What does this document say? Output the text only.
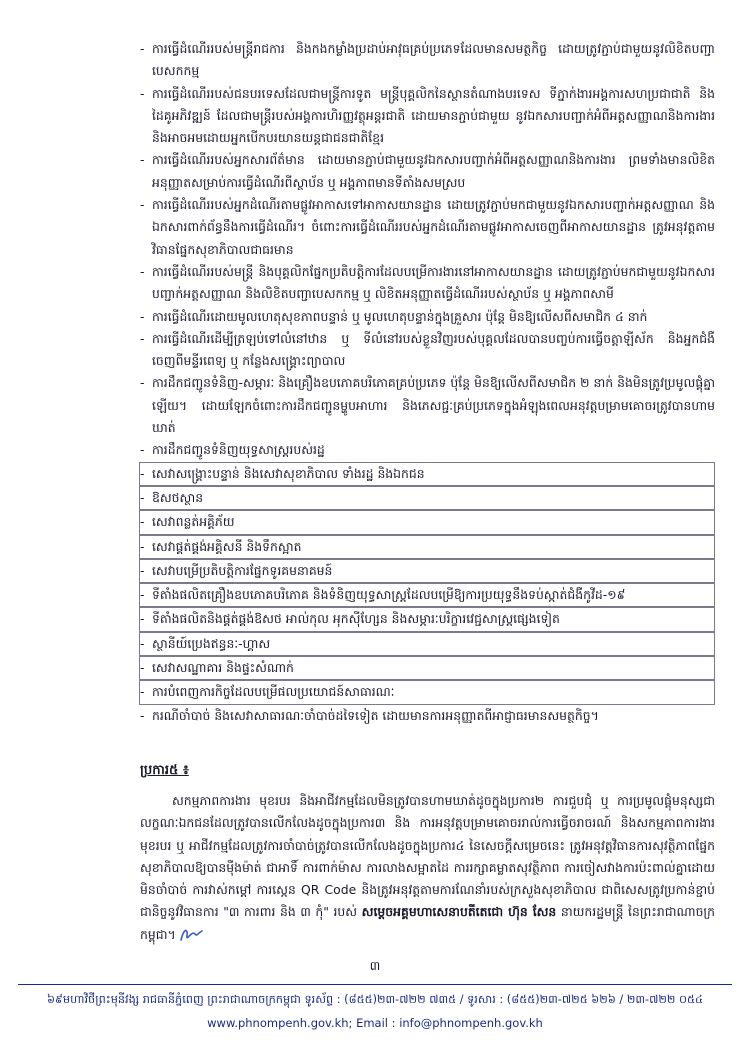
- ការធ្វើដំណើររបស់មន្ត្រីរាជការ និងកងកម្លាំងប្រដាប់អាវុធគ្រប់ប្រភេទដែលមានសមត្ថកិច្ច ដោយត្រូវភ្ជាប់ជាមួយនូវលិខិតបញ្ជាបេសកកម្ម
- ការធ្វើដំណើររបស់ជនបរទេសដែលជាមន្ត្រីការទូត មន្ត្រីបុគ្គលិកនៃស្ថានតំណាងបរទេស ទីភ្នាក់ងារអង្គការសហប្រជាជាតិ និងដៃគូអភិវឌ្ឍន៍ ដែលជាមន្ត្រីរបស់អង្គការហិរញ្ញវត្ថុអន្តរជាតិ ដោយមានភ្ជាប់ជាមួយ នូវឯកសារបញ្ជាក់អំពីអត្តសញ្ញាណនិងការងារ និងអាចអមដោយអ្នកបើកបរយានយន្តជាជនជាតិខ្មែរ
- ការធ្វើដំណើររបស់អ្នកសារព័ត៌មាន ដោយមានភ្ជាប់ជាមួយនូវឯកសារបញ្ជាក់អំពីអត្តសញ្ញាណនិងការងារ ព្រមទាំងមានលិខិតអនុញ្ញាតសម្រាប់ការធ្វើដំណើរពីស្ថាប័ន ឬ អង្គភាពមានទីតាំងសមស្រប
- ការធ្វើដំណើររបស់អ្នកដំណើរតាមផ្លូវអាកាសទៅអាកាសយានដ្ឋាន ដោយត្រូវភ្ជាប់មកជាមួយនូវឯកសារបញ្ជាក់អត្តសញ្ញាណ និងឯកសារពាក់ព័ន្ធនឹងការធ្វើដំណើរ។ ចំពោះការធ្វើដំណើររបស់អ្នកដំណើរតាមផ្លូវអាកាសចេញពីអាកាសយានដ្ឋាន ត្រូវអនុវត្តតាមវិធានផ្នែកសុខាភិបាលជាធរមាន
- ការធ្វើដំណើររបស់មន្ត្រី និងបុគ្គលិកផ្នែកប្រតិបត្តិការដែលបម្រើការងារនៅអាកាសយានដ្ឋាន ដោយត្រូវភ្ជាប់មកជាមួយនូវឯកសារបញ្ជាក់អត្តសញ្ញាណ និងលិខិតបញ្ជាបេសកកម្ម ឬ លិខិតអនុញ្ញាតធ្វើដំណើររបស់ស្ថាប័ន ឬ អង្គភាពសាមី
- ការធ្វើដំណើរដោយមូលហេតុសុខភាពបន្ទាន់ ឬ មូលហេតុបន្ទាន់ក្នុងគ្រួសារ ប៉ុន្តែ មិនឱ្យលើសពីសមាជិក ៤ នាក់
- ការធ្វើដំណើរដើម្បីត្រឡប់ទៅលំនៅឋាន ឬ ទីលំនៅរបស់ខ្លួនវិញរបស់បុគ្គលដែលបានបញ្ចប់ការធ្វើចត្តាឡីស័ក និងអ្នកជំងឺចេញពីមន្ទីរពេទ្យ ឬ កន្លែងសង្គ្រោះព្យាបាល
- ការដឹកជញ្ជូនទំនិញ-សម្ភារៈ និងគ្រឿងឧបភោគបរិភោគគ្រប់ប្រភេទ ប៉ុន្តែ មិនឱ្យលើសពីសមាជិក ២ នាក់ និងមិនត្រូវប្រមូលផ្តុំគ្នាឡើយ។ ដោយឡែកចំពោះការដឹកជញ្ជូនម្ហូបអាហារ និងភេសជ្ជៈគ្រប់ប្រភេទក្នុងអំឡុងពេលអនុវត្តបម្រាមគោចរត្រូវបានហាមឃាត់
- ការដឹកជញ្ជូនទំនិញយុទ្ធសាស្ត្ររបស់រដ្ឋ
- សេវាសង្គ្រោះបន្ទាន់ និងសេវាសុខាភិបាល ទាំងរដ្ឋ និងឯកជន
- ឱសថស្ថាន
- សេវាពន្លត់អគ្គិភ័យ
- សេវាផ្គត់ផ្គង់អគ្គិសនី និងទឹកស្អាត
- សេវាបម្រើប្រតិបត្តិការផ្នែកទូរគមនាគមន៍
- ទីតាំងផលិតគ្រឿងឧបភោគបរិភោគ និងទំនិញយុទ្ធសាស្ត្រដែលបម្រើឱ្យការប្រយុទ្ធនឹងទប់ស្កាត់ជំងឺកូវីដ-១៩
- ទីតាំងផលិតនិងផ្គត់ផ្គង់ឱសថ អាល់កុល អុកស៊ីហ្សែន និងសម្ភារៈបរិក្ខារវេជ្ជសាស្ត្រផ្សេងទៀត
- ស្ថានីយ៍ប្រេងឥន្ធនៈ-ហ្គាស
- សេវាសណ្ឋាគារ និងផ្ទះសំណាក់
- ការបំពេញការកិច្ចដែលបម្រើផលប្រយោជន៍សាធារណៈ
- ករណីចាំបាច់ និងសេវាសាធារណៈចាំបាច់ដទៃទៀត ដោយមានការអនុញ្ញាតពីអាជ្ញាធរមានសមត្ថកិច្ច។
ប្រការ៥ ៖

សកម្មភាពការងារ មុខរបរ និងអាជីវកម្មដែលមិនត្រូវបានហាមឃាត់ដូចក្នុងប្រការ២ ការជួបជុំ ឬ ការប្រមូលផ្តុំមនុស្សជាលក្ខណៈឯកជនដែលត្រូវបានលើកលែងដូចក្នុងប្រការ៣ និង ការអនុវត្តបម្រាមគោចររាល់ការធ្វើចរាចរណ៍ និងសកម្មភាពការងារ មុខរបរ ឬ អាជីវកម្មដែលត្រូវការចាំបាច់ត្រូវបានលើកលែងដូចក្នុងប្រការ៤ នៃសេចក្តីសម្រេចនេះ ត្រូវអនុវត្តវិធានការសុវត្ថិភាពផ្នែកសុខាភិបាលឱ្យបានម៉ឺងម៉ាត់ ជាអាទិ៍ ការពាក់ម៉ាស ការលាងសម្អាតដៃ ការរក្សាគម្លាតសុវត្ថិភាព ការចៀសវាងការប៉ះពាល់គ្នាដោយមិនចាំបាច់ ការវាស់កម្តៅ ការស្កេន QR Code និងត្រូវអនុវត្តតាមការណែនាំរបស់ក្រសួងសុខាភិបាល ជាពិសេសត្រូវប្រកាន់ខ្ជាប់ជានិច្ចនូវវិធានការ "៣ ការពារ និង ៣ កុំ" របស់ សម្តេចអគ្គមហាសេនាបតីតេជោ ហ៊ុន សែន នាយករដ្ឋមន្ត្រី នៃព្រះរាជាណាចក្រកម្ពុជា។

៣
៦៩មហាវិថីព្រះមុនីវង្ស រាជធានីភ្នំពេញ ព្រះរាជាណាចក្រកម្ពុជា ទូរស័ព្ទ : (៨៥៥)២៣-៧២២ ៧៣៥ / ទូរសារ : (៨៥៥)២៣-៧២៥ ៦២៦ / ២៣-៧២២ ០៥៤
www.phnompenh.gov.kh; Email : info@phnompenh.gov.kh
